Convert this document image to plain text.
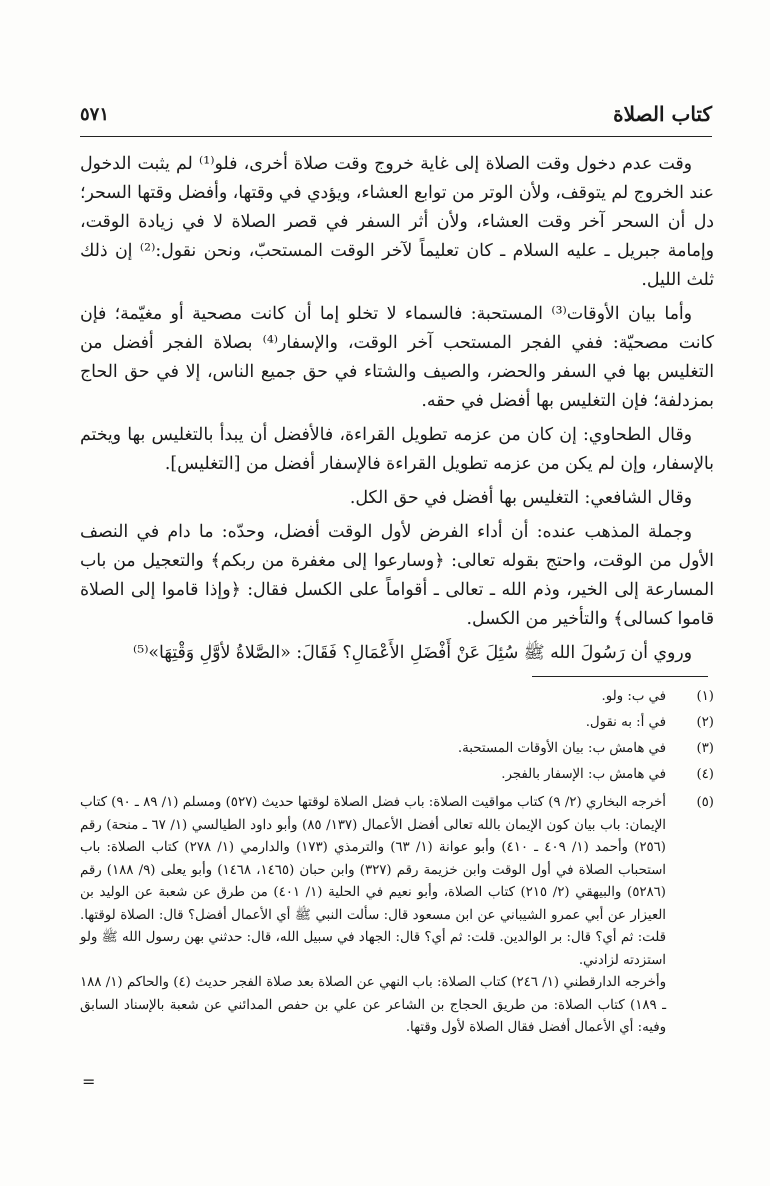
كتاب الصلاة
٥٧١

وقت عدم دخول وقت الصلاة إلى غاية خروج وقت صلاة أخرى، فلو⁽¹⁾ لم يثبت الدخول عند الخروج لم يتوقف، ولأن الوتر من توابع العشاء، ويؤدي في وقتها، وأفضل وقتها السحر؛ دل أن السحر آخر وقت العشاء، ولأن أثر السفر في قصر الصلاة لا في زيادة الوقت، وإمامة جبريل ـ عليه السلام ـ كان تعليماً لآخر الوقت المستحبّ، ونحن نقول:⁽²⁾ إن ذلك ثلث الليل.

وأما بيان الأوقات⁽³⁾ المستحبة: فالسماء لا تخلو إما أن كانت مصحية أو مغيّمة؛ فإن كانت مصحيّة: ففي الفجر المستحب آخر الوقت، والإسفار⁽⁴⁾ بصلاة الفجر أفضل من التغليس بها في السفر والحضر، والصيف والشتاء في حق جميع الناس، إلا في حق الحاج بمزدلفة؛ فإن التغليس بها أفضل في حقه.

وقال الطحاوي: إن كان من عزمه تطويل القراءة، فالأفضل أن يبدأ بالتغليس بها ويختم بالإسفار، وإن لم يكن من عزمه تطويل القراءة فالإسفار أفضل من [التغليس].

وقال الشافعي: التغليس بها أفضل في حق الكل.

وجملة المذهب عنده: أن أداء الفرض لأول الوقت أفضل، وحدّه: ما دام في النصف الأول من الوقت، واحتج بقوله تعالى: ﴿وسارعوا إلى مغفرة من ربكم﴾ والتعجيل من باب المسارعة إلى الخير، وذم الله ـ تعالى ـ أقواماً على الكسل فقال: ﴿وإذا قاموا إلى الصلاة قاموا كسالى﴾ والتأخير من الكسل.

وروي أن رَسُولَ الله ﷺ سُئِلَ عَنْ أَفْضَلِ الأَعْمَالِ؟ فَقَالَ: «الصَّلاةُ لأوَّلِ وَقْتِهَا»⁽⁵⁾

(١)

في ب: ولو.

(٢)

في أ: به نقول.

(٣)

في هامش ب: بيان الأوقات المستحبة.

(٤)

في هامش ب: الإسفار بالفجر.

(٥)

أخرجه البخاري (٢/ ٩) كتاب مواقيت الصلاة: باب فضل الصلاة لوقتها حديث (٥٢٧) ومسلم (١/ ٨٩ ـ ٩٠) كتاب الإيمان: باب بيان كون الإيمان بالله تعالى أفضل الأعمال (١٣٧/ ٨٥) وأبو داود الطيالسي (١/ ٦٧ ـ منحة) رقم (٢٥٦) وأحمد (١/ ٤٠٩ ـ ٤١٠) وأبو عوانة (١/ ٦٣) والترمذي (١٧٣) والدارمي (١/ ٢٧٨) كتاب الصلاة: باب استحباب الصلاة في أول الوقت وابن خزيمة رقم (٣٢٧) وابن حبان (١٤٦٥، ١٤٦٨) وأبو يعلى (٩/ ١٨٨) رقم (٥٢٨٦) والبيهقي (٢/ ٢١٥) كتاب الصلاة، وأبو نعيم في الحلية (١/ ٤٠١) من طرق عن شعبة عن الوليد بن العيزار عن أبي عمرو الشيباني عن ابن مسعود قال: سألت النبي ﷺ أي الأعمال أفضل؟ قال: الصلاة لوقتها. قلت: ثم أي؟ قال: بر الوالدين. قلت: ثم أي؟ قال: الجهاد في سبيل الله، قال: حدثني بهن رسول الله ﷺ ولو استزدته لزادني.

وأخرجه الدارقطني (١/ ٢٤٦) كتاب الصلاة: باب النهي عن الصلاة بعد صلاة الفجر حديث (٤) والحاكم (١/ ١٨٨ ـ ١٨٩) كتاب الصلاة: من طريق الحجاج بن الشاعر عن علي بن حفص المدائني عن شعبة بالإسناد السابق وفيه: أي الأعمال أفضل فقال الصلاة لأول وقتها.

=
